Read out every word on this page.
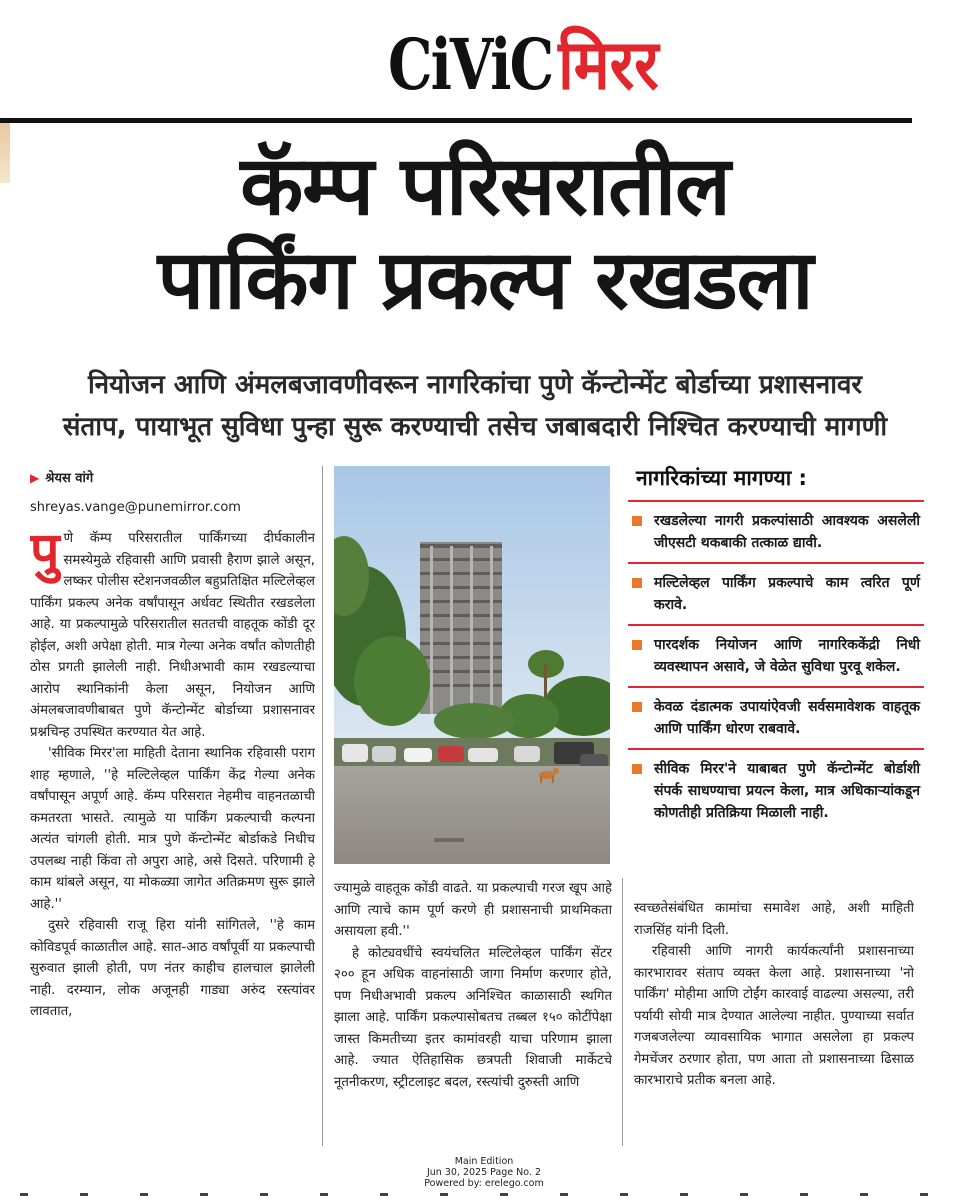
CiViC मिरर
कॅम्प परिसरातील
पार्किंग प्रकल्प रखडला
नियोजन आणि अंमलबजावणीवरून नागरिकांचा पुणे कॅन्टोन्मेंट बोर्डाच्या प्रशासनावर
संताप, पायाभूत सुविधा पुन्हा सुरू करण्याची तसेच जबाबदारी निश्चित करण्याची मागणी
▶ श्रेयस वांगे
shreyas.vange@punemirror.com

पुणे कॅम्प परिसरातील पार्किंगच्या दीर्घकालीन समस्येमुळे रहिवासी आणि प्रवासी हैराण झाले असून, लष्कर पोलीस स्टेशनजवळील बहुप्रतिक्षित मल्टिलेव्हल पार्किंग प्रकल्प अनेक वर्षांपासून अर्धवट स्थितीत रखडलेला आहे. या प्रकल्पामुळे परिसरातील सततची वाहतूक कोंडी दूर होईल, अशी अपेक्षा होती. मात्र गेल्या अनेक वर्षांत कोणतीही ठोस प्रगती झालेली नाही. निधीअभावी काम रखडल्याचा आरोप स्थानिकांनी केला असून, नियोजन आणि अंमलबजावणीबाबत पुणे कॅन्टोन्मेंट बोर्डाच्या प्रशासनावर प्रश्नचिन्ह उपस्थित करण्यात येत आहे.

'सीविक मिरर'ला माहिती देताना स्थानिक रहिवासी पराग शाह म्हणाले, ''हे मल्टिलेव्हल पार्किंग केंद्र गेल्या अनेक वर्षांपासून अपूर्ण आहे. कॅम्प परिसरात नेहमीच वाहनतळाची कमतरता भासते. त्यामुळे या पार्किंग प्रकल्पाची कल्पना अत्यंत चांगली होती. मात्र पुणे कॅन्टोन्मेंट बोर्डाकडे निधीच उपलब्ध नाही किंवा तो अपुरा आहे, असे दिसते. परिणामी हे काम थांबले असून, या मोकळ्या जागेत अतिक्रमण सुरू झाले आहे.''

दुसरे रहिवासी राजू हिरा यांनी सांगितले, ''हे काम कोविडपूर्व काळातील आहे. सात-आठ वर्षांपूर्वी या प्रकल्पाची सुरुवात झाली होती, पण नंतर काहीच हालचाल झालेली नाही. दरम्यान, लोक अजूनही गाड्या अरुंद रस्त्यांवर लावतात,

ज्यामुळे वाहतूक कोंडी वाढते. या प्रकल्पाची गरज खूप आहे आणि त्याचे काम पूर्ण करणे ही प्रशासनाची प्राथमिकता असायला हवी.''

हे कोट्यवधींचे स्वयंचलित मल्टिलेव्हल पार्किंग सेंटर २०० हून अधिक वाहनांसाठी जागा निर्माण करणार होते, पण निधीअभावी प्रकल्प अनिश्चित काळासाठी स्थगित झाला आहे. पार्किंग प्रकल्पासोबतच तब्बल १५० कोटींपेक्षा जास्त किमतीच्या इतर कामांवरही याचा परिणाम झाला आहे. ज्यात ऐतिहासिक छत्रपती शिवाजी मार्केटचे नूतनीकरण, स्ट्रीटलाइट बदल, रस्त्यांची दुरुस्ती आणि

नागरिकांच्या मागण्या :
रखडलेल्या नागरी प्रकल्पांसाठी आवश्यक असलेली जीएसटी थकबाकी तत्काळ द्यावी.
मल्टिलेव्हल पार्किंग प्रकल्पाचे काम त्वरित पूर्ण करावे.
पारदर्शक नियोजन आणि नागरिककेंद्री निधी व्यवस्थापन असावे, जे वेळेत सुविधा पुरवू शकेल.
केवळ दंडात्मक उपायांऐवजी सर्वसमावेशक वाहतूक आणि पार्किंग धोरण राबवावे.
सीविक मिरर'ने याबाबत पुणे कॅन्टोन्मेंट बोर्डाशी संपर्क साधण्याचा प्रयत्न केला, मात्र अधिकाऱ्यांकडून कोणतीही प्रतिक्रिया मिळाली नाही.

स्वच्छतेसंबंधित कामांचा समावेश आहे, अशी माहिती राजसिंह यांनी दिली.

रहिवासी आणि नागरी कार्यकर्त्यांनी प्रशासनाच्या कारभारावर संताप व्यक्त केला आहे. प्रशासनाच्या 'नो पार्किंग' मोहीमा आणि टोईंग कारवाई वाढल्या असल्या, तरी पर्यायी सोयी मात्र देण्यात आलेल्या नाहीत. पुण्याच्या सर्वात गजबजलेल्या व्यावसायिक भागात असलेला हा प्रकल्प गेमचेंजर ठरणार होता, पण आता तो प्रशासनाच्या ढिसाळ कारभाराचे प्रतीक बनला आहे.

Main Edition
Jun 30, 2025 Page No. 2
Powered by: erelego.com
